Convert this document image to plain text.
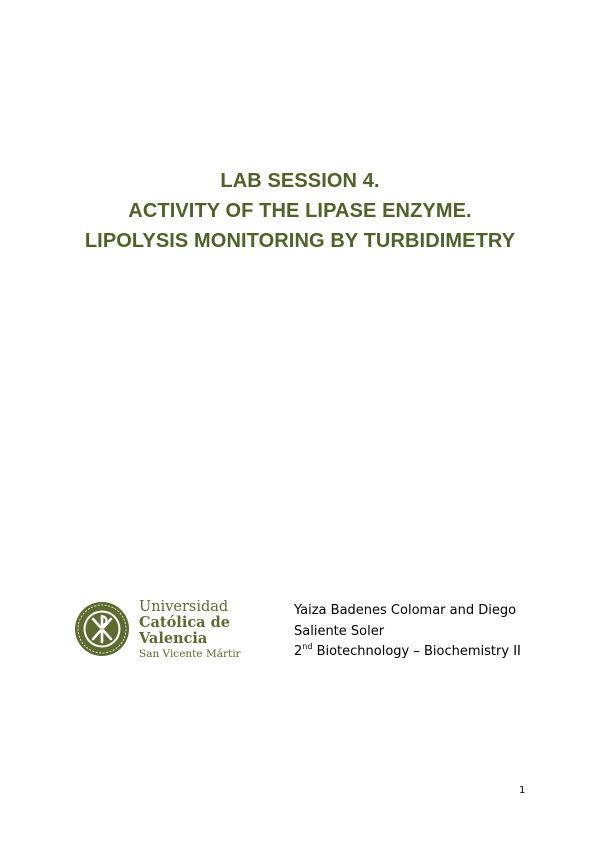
LAB SESSION 4.
ACTIVITY OF THE LIPASE ENZYME.
LIPOLYSIS MONITORING BY TURBIDIMETRY
Universidad
Católica de
Valencia
San Vicente Mártir
Yaiza Badenes Colomar and Diego
Saliente Soler
2nd Biotechnology – Biochemistry II
1
